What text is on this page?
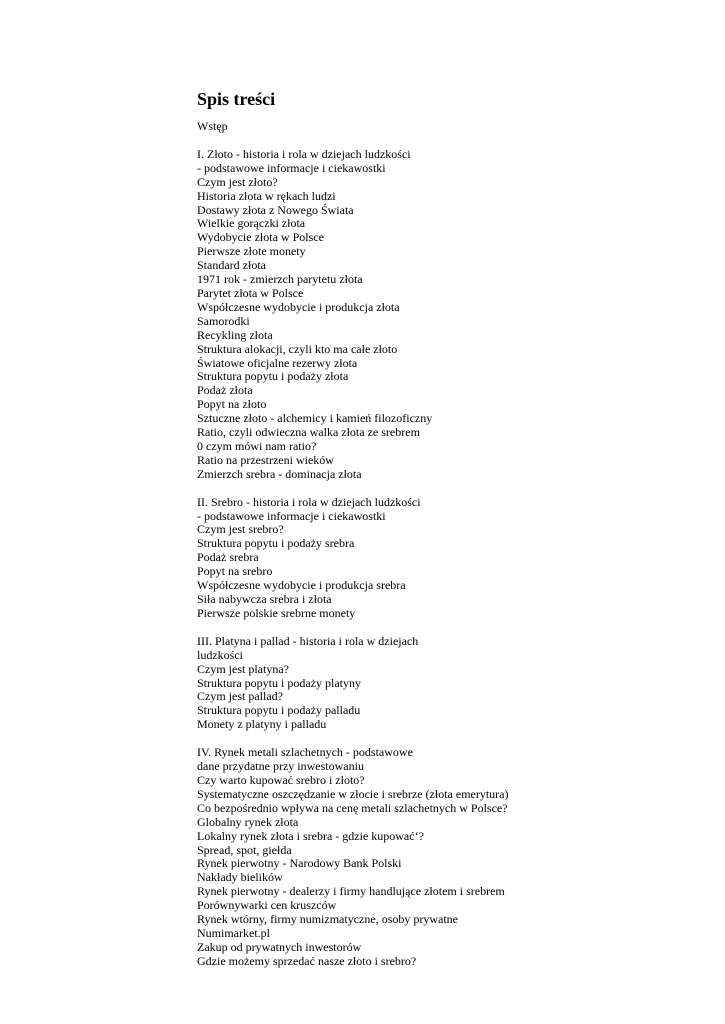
Spis treści
Wstęp
I. Złoto - historia i rola w dziejach ludzkości
- podstawowe informacje i ciekawostki
Czym jest złoto?
Historia złota w rękach ludzi
Dostawy złota z Nowego Świata
Wielkie gorączki złota
Wydobycie złota w Polsce
Pierwsze złote monety
Standard złota
1971 rok - zmierzch parytetu złota
Parytet złota w Polsce
Współczesne wydobycie i produkcja złota
Samorodki
Recykling złota
Struktura alokacji, czyli kto ma całe złoto
Światowe oficjalne rezerwy złota
Struktura popytu i podaży złota
Podaż złota
Popyt na złoto
Sztuczne złoto - alchemicy i kamień filozoficzny
Ratio, czyli odwieczna walka złota ze srebrem
0 czym mówi nam ratio?
Ratio na przestrzeni wieków
Zmierzch srebra - dominacja złota
II. Srebro - historia i rola w dziejach ludzkości
- podstawowe informacje i ciekawostki
Czym jest srebro?
Struktura popytu i podaży srebra
Podaż srebra
Popyt na srebro
Współczesne wydobycie i produkcja srebra
Siła nabywcza srebra i złota
Pierwsze polskie srebrne monety
III. Platyna i pallad - historia i rola w dziejach
ludzkości
Czym jest platyna?
Struktura popytu i podaży platyny
Czym jest pallad?
Struktura popytu i podaży palladu
Monety z platyny i palladu
IV. Rynek metali szlachetnych - podstawowe
dane przydatne przy inwestowaniu
Czy warto kupować srebro i złoto?
Systematyczne oszczędzanie w złocie i srebrze (złota emerytura)
Co bezpośrednio wpływa na cenę metali szlachetnych w Polsce?
Globalny rynek złota
Lokalny rynek złota i srebra - gdzie kupować‘?
Spread, spot, giełda
Rynek pierwotny - Narodowy Bank Polski
Nakłady bielików
Rynek pierwotny - dealerzy i firmy handlujące złotem i srebrem
Porównywarki cen kruszców
Rynek wtórny, firmy numizmatyczne, osoby prywatne
Numimarket.pl
Zakup od prywatnych inwestorów
Gdzie możemy sprzedać nasze złoto i srebro?
